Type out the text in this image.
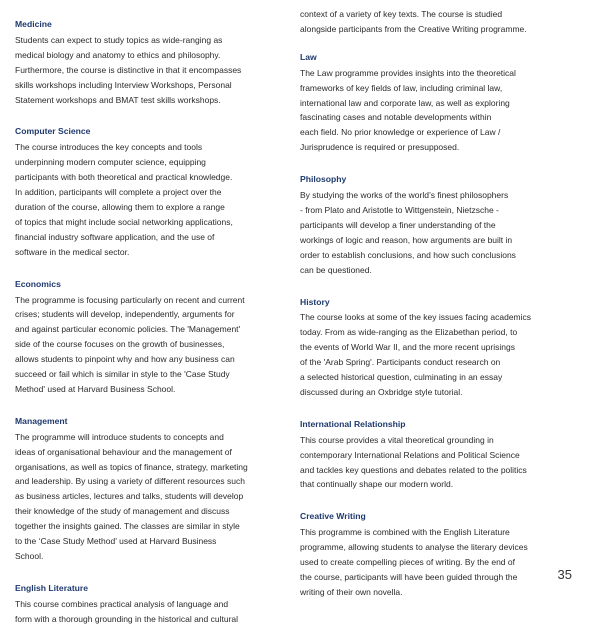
Medicine

Students can expect to study topics as wide-ranging as
medical biology and anatomy to ethics and philosophy.
Furthermore, the course is distinctive in that it encompasses
skills workshops including Interview Workshops, Personal
Statement workshops and BMAT test skills workshops.

Computer Science

The course introduces the key concepts and tools
underpinning modern computer science, equipping
participants with both theoretical and practical knowledge.
In addition, participants will complete a project over the
duration of the course, allowing them to explore a range
of topics that might include social networking applications,
financial industry software application, and the use of
software in the medical sector.

Economics

The programme is focusing particularly on recent and current
crises; students will develop, independently, arguments for
and against particular economic policies. The 'Management'
side of the course focuses on the growth of businesses,
allows students to pinpoint why and how any business can
succeed or fail which is similar in style to the 'Case Study
Method' used at Harvard Business School.

Management

The programme will introduce students to concepts and
ideas of organisational behaviour and the management of
organisations, as well as topics of finance, strategy, marketing
and leadership. By using a variety of different resources such
as business articles, lectures and talks, students will develop
their knowledge of the study of management and discuss
together the insights gained. The classes are similar in style
to the ‘Case Study Method’ used at Harvard Business
School.

English Literature

This course combines practical analysis of language and
form with a thorough grounding in the historical and cultural

context of a variety of key texts. The course is studied
alongside participants from the Creative Writing programme.

Law

The Law programme provides insights into the theoretical
frameworks of key fields of law, including criminal law,
international law and corporate law, as well as exploring
fascinating cases and notable developments within
each field. No prior knowledge or experience of Law /
Jurisprudence is required or presupposed.

Philosophy

By studying the works of the world’s finest philosophers
- from Plato and Aristotle to Wittgenstein, Nietzsche -
participants will develop a finer understanding of the
workings of logic and reason, how arguments are built in
order to establish conclusions, and how such conclusions
can be questioned.

History

The course looks at some of the key issues facing academics
today. From as wide-ranging as the Elizabethan period, to
the events of World War II, and the more recent uprisings
of the 'Arab Spring'. Participants conduct research on
a selected historical question, culminating in an essay
discussed during an Oxbridge style tutorial.

International Relationship

This course provides a vital theoretical grounding in
contemporary International Relations and Political Science
and tackles key questions and debates related to the politics
that continually shape our modern world.

Creative Writing

This programme is combined with the English Literature
programme, allowing students to analyse the literary devices
used to create compelling pieces of writing. By the end of
the course, participants will have been guided through the
writing of their own novella.

35
